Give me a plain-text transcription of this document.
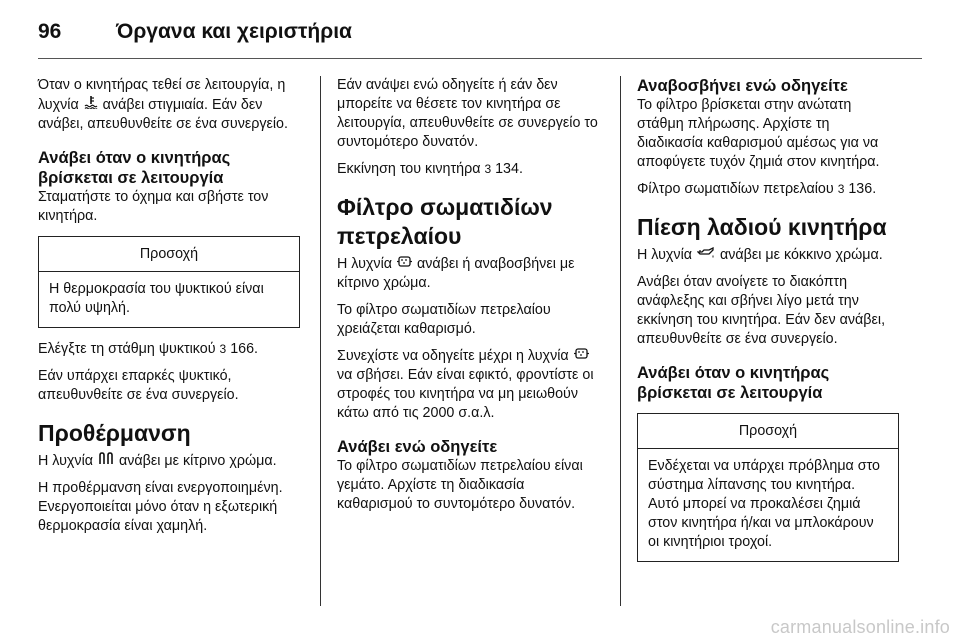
96	Όργανα και χειριστήρια

Όταν ο κινητήρας τεθεί σε λειτουργία, η λυχνία  ανάβει στιγμιαία. Εάν δεν ανάβει, απευθυνθείτε σε ένα συνεργείο.

Ανάβει όταν ο κινητήρας βρίσκεται σε λειτουργία

Σταματήστε το όχημα και σβήστε τον κινητήρα.

Προσοχή
Η θερμοκρασία του ψυκτικού είναι πολύ υψηλή.

Ελέγξτε τη στάθμη ψυκτικού 3 166.

Εάν υπάρχει επαρκές ψυκτικό, απευθυνθείτε σε ένα συνεργείο.

Προθέρμανση

Η λυχνία  ανάβει με κίτρινο χρώμα.

Η προθέρμανση είναι ενεργοποιημένη. Ενεργοποιείται μόνο όταν η εξωτερική θερμοκρασία είναι χαμηλή.

Εάν ανάψει ενώ οδηγείτε ή εάν δεν μπορείτε να θέσετε τον κινητήρα σε λειτουργία, απευθυνθείτε σε συνεργείο το συντομότερο δυνατόν.

Εκκίνηση του κινητήρα 3 134.

Φίλτρο σωματιδίων πετρελαίου

Η λυχνία  ανάβει ή αναβοσβήνει με κίτρινο χρώμα.

Το φίλτρο σωματιδίων πετρελαίου χρειάζεται καθαρισμό.

Συνεχίστε να οδηγείτε μέχρι η λυχνία  να σβήσει. Εάν είναι εφικτό, φροντίστε οι στροφές του κινητήρα να μη μειωθούν κάτω από τις 2000 σ.α.λ.

Ανάβει ενώ οδηγείτε

Το φίλτρο σωματιδίων πετρελαίου είναι γεμάτο. Αρχίστε τη διαδικασία καθαρισμού το συντομότερο δυνατόν.

Αναβοσβήνει ενώ οδηγείτε

Το φίλτρο βρίσκεται στην ανώτατη στάθμη πλήρωσης. Αρχίστε τη διαδικασία καθαρισμού αμέσως για να αποφύγετε τυχόν ζημιά στον κινητήρα.

Φίλτρο σωματιδίων πετρελαίου 3 136.

Πίεση λαδιού κινητήρα

Η λυχνία  ανάβει με κόκκινο χρώμα.

Ανάβει όταν ανοίγετε το διακόπτη ανάφλεξης και σβήνει λίγο μετά την εκκίνηση του κινητήρα. Εάν δεν ανάβει, απευθυνθείτε σε ένα συνεργείο.

Ανάβει όταν ο κινητήρας βρίσκεται σε λειτουργία
Προσοχή
Ενδέχεται να υπάρχει πρόβλημα στο σύστημα λίπανσης του κινητήρα. Αυτό μπορεί να προκαλέσει ζημιά στον κινητήρα ή/και να μπλοκάρουν οι κινητήριοι τροχοί.
carmanualsonline.info
